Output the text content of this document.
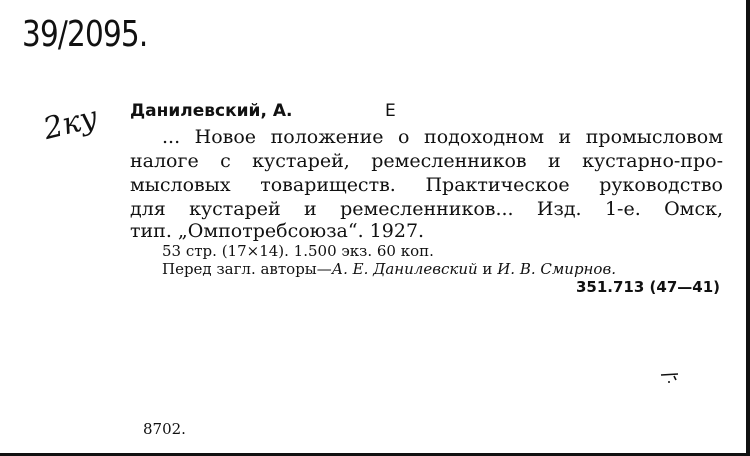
39/2095.
2ку Данилевский, А.	Е
... Новое положение о подоходном и промысловом
налоге с кустарей, ремесленников и кустарно-про-
мысловых товариществ. Практическое руководство
для кустарей и ремесленников... Изд. 1-е. Омск,
тип. „Омпотребсоюза“. 1927.
53 стр. (17×14). 1.500 экз. 60 коп.
Перед загл. авторы—А. Е. Данилевский и И. В. Смирнов.
351.713 (47—41)
8702.
